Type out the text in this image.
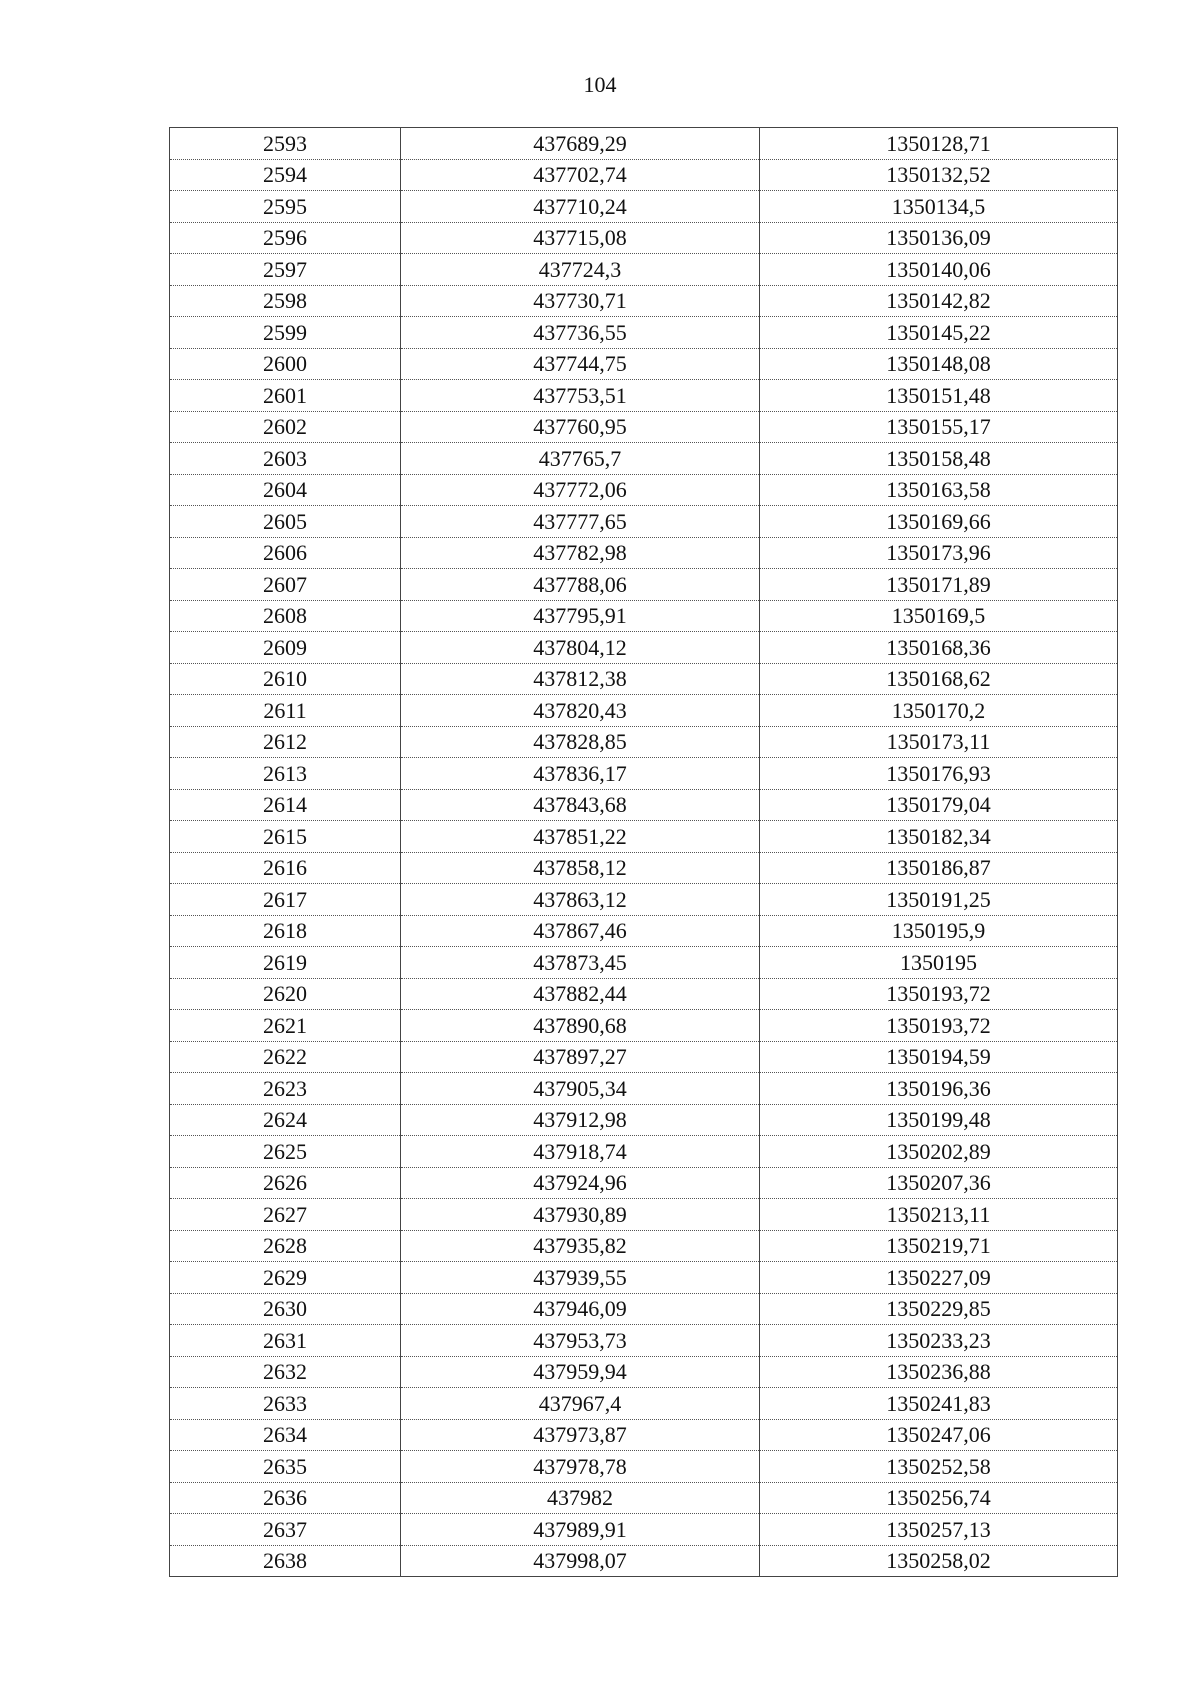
104
2593	437689,29	1350128,71
2594	437702,74	1350132,52
2595	437710,24	1350134,5
2596	437715,08	1350136,09
2597	437724,3	1350140,06
2598	437730,71	1350142,82
2599	437736,55	1350145,22
2600	437744,75	1350148,08
2601	437753,51	1350151,48
2602	437760,95	1350155,17
2603	437765,7	1350158,48
2604	437772,06	1350163,58
2605	437777,65	1350169,66
2606	437782,98	1350173,96
2607	437788,06	1350171,89
2608	437795,91	1350169,5
2609	437804,12	1350168,36
2610	437812,38	1350168,62
2611	437820,43	1350170,2
2612	437828,85	1350173,11
2613	437836,17	1350176,93
2614	437843,68	1350179,04
2615	437851,22	1350182,34
2616	437858,12	1350186,87
2617	437863,12	1350191,25
2618	437867,46	1350195,9
2619	437873,45	1350195
2620	437882,44	1350193,72
2621	437890,68	1350193,72
2622	437897,27	1350194,59
2623	437905,34	1350196,36
2624	437912,98	1350199,48
2625	437918,74	1350202,89
2626	437924,96	1350207,36
2627	437930,89	1350213,11
2628	437935,82	1350219,71
2629	437939,55	1350227,09
2630	437946,09	1350229,85
2631	437953,73	1350233,23
2632	437959,94	1350236,88
2633	437967,4	1350241,83
2634	437973,87	1350247,06
2635	437978,78	1350252,58
2636	437982	1350256,74
2637	437989,91	1350257,13
2638	437998,07	1350258,02
